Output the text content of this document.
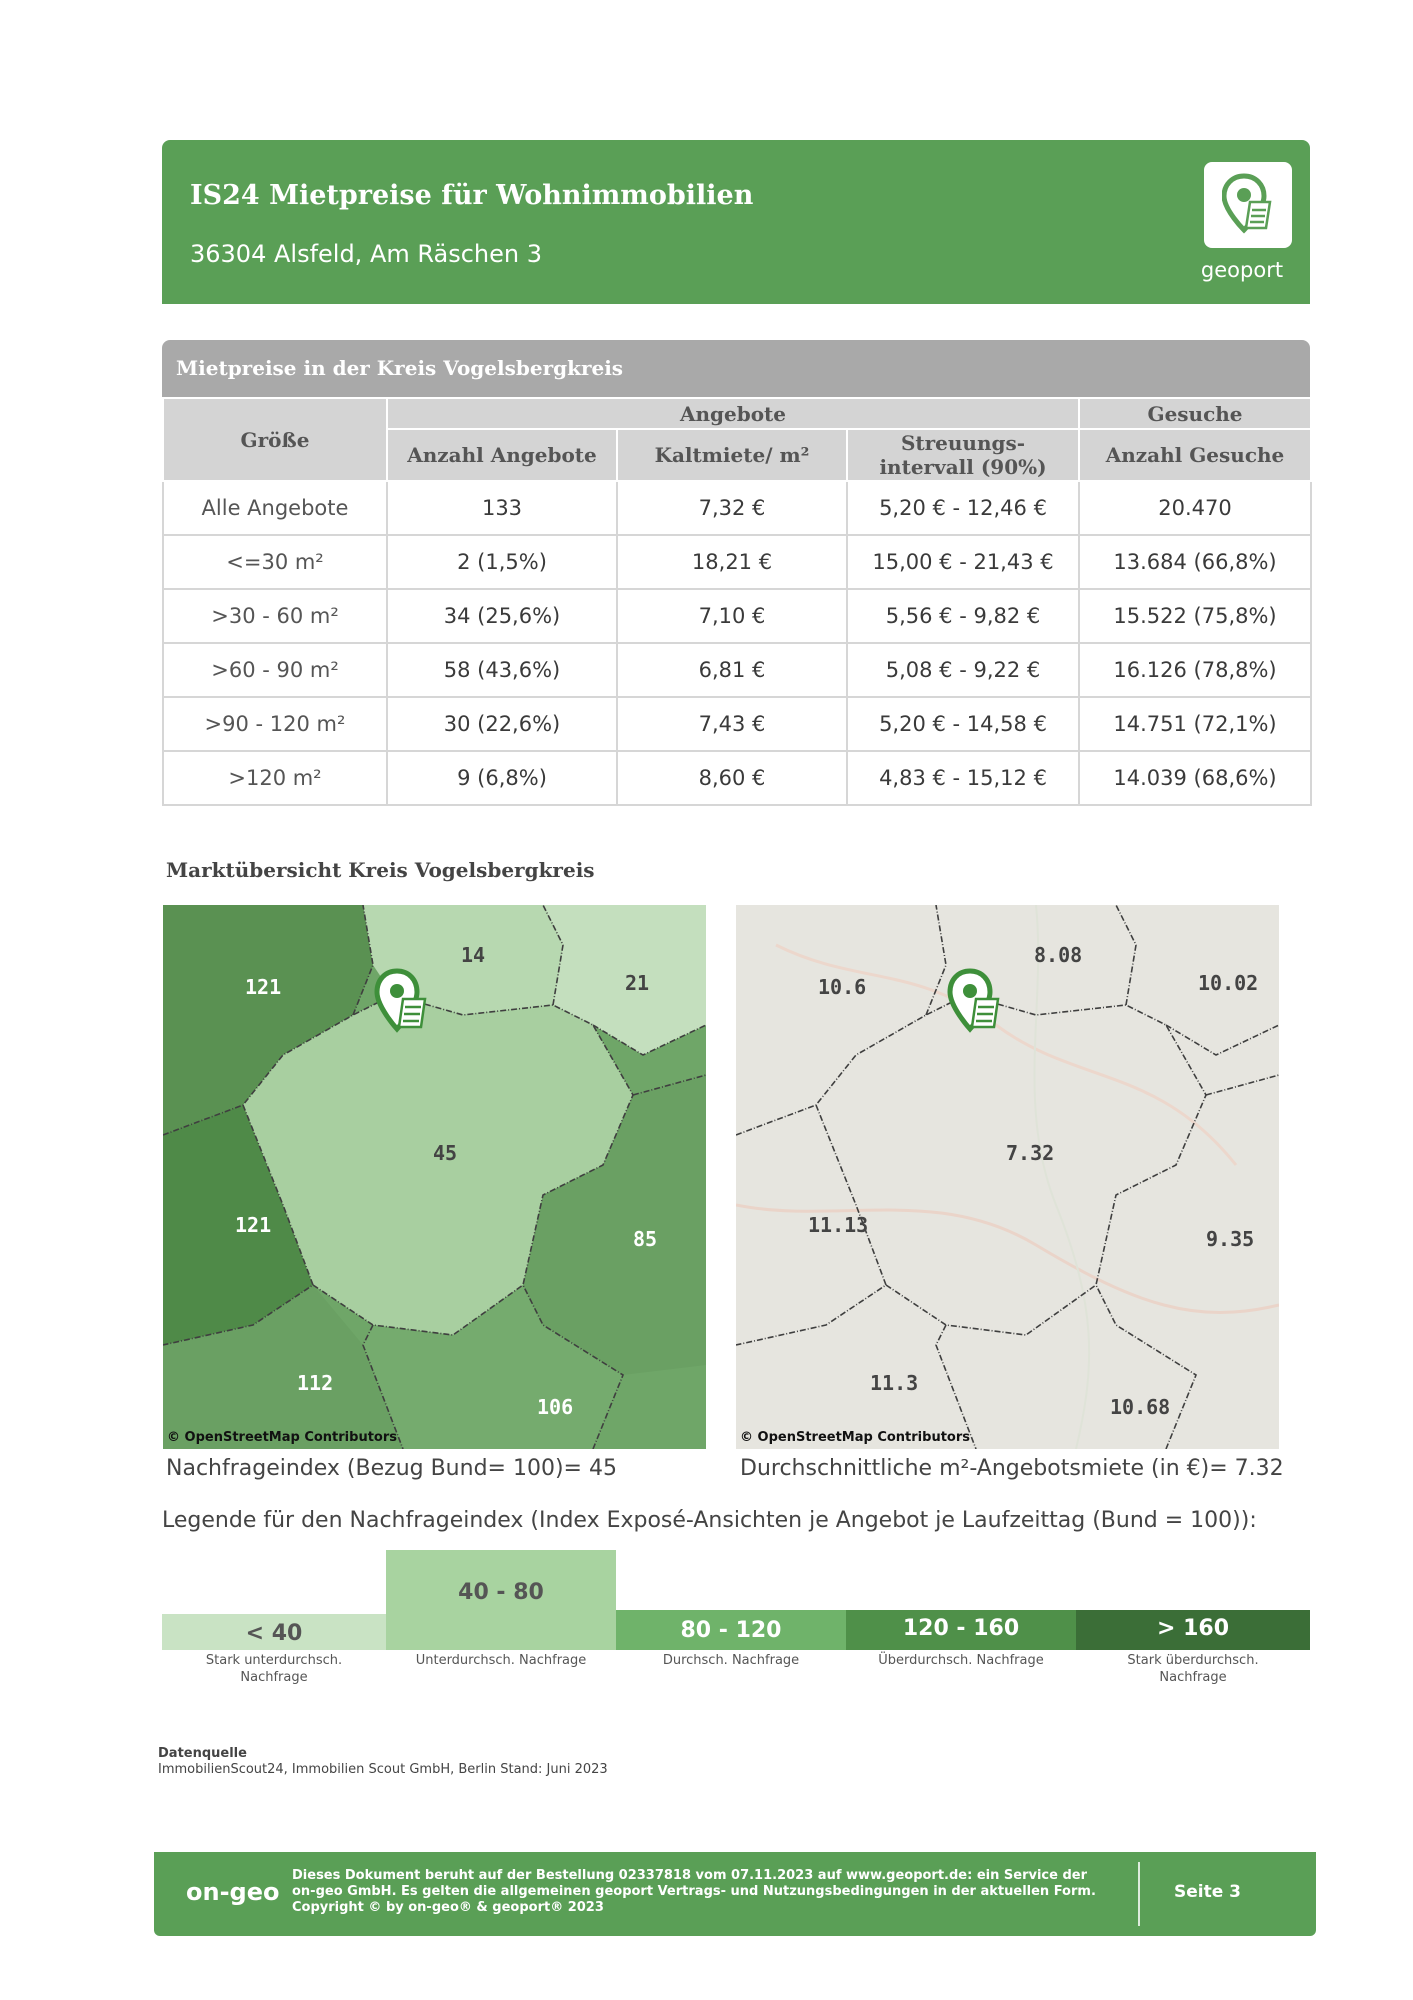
IS24 Mietpreise für Wohnimmobilien
36304 Alsfeld, Am Räschen 3
geoport
Mietpreise in der Kreis Vogelsbergkreis
Größe	Angebote			Gesuche
	Anzahl Angebote	Kaltmiete/ m²	Streuungs-
intervall (90%)	Anzahl Gesuche
Alle Angebote	133	7,32 €	5,20 € - 12,46 €	20.470
<=30 m²	2 (1,5%)	18,21 €	15,00 € - 21,43 €	13.684 (66,8%)
>30 - 60 m²	34 (25,6%)	7,10 €	5,56 € - 9,82 €	15.522 (75,8%)
>60 - 90 m²	58 (43,6%)	6,81 €	5,08 € - 9,22 €	16.126 (78,8%)
>90 - 120 m²	30 (22,6%)	7,43 €	5,20 € - 14,58 €	14.751 (72,1%)
>120 m²	9 (6,8%)	8,60 €	4,83 € - 15,12 €	14.039 (68,6%)
Marktübersicht Kreis Vogelsbergkreis
14
121	21
45
121
85
112
106
© OpenStreetMap Contributors
8.08
10.6	10.02
7.32
11.13
9.35
11.3
10.68
© OpenStreetMap Contributors
Nachfrageindex (Bezug Bund= 100)= 45	Durchschnittliche m²-Angebotsmiete (in €)= 7.32
Legende für den Nachfrageindex (Index Exposé-Ansichten je Angebot je Laufzeittag (Bund = 100)):
< 40
40 - 80
80 - 120	120 - 160	> 160
Stark unterdurchsch.
Nachfrage
Unterdurchsch. Nachfrage	Durchsch. Nachfrage	Überdurchsch. Nachfrage	Stark überdurchsch.
Nachfrage
Datenquelle
ImmobilienScout24, Immobilien Scout GmbH, Berlin Stand: Juni 2023
on-geo
Dieses Dokument beruht auf der Bestellung 02337818 vom 07.11.2023 auf www.geoport.de: ein Service der on-geo GmbH. Es gelten die allgemeinen geoport Vertrags- und Nutzungsbedingungen in der aktuellen Form. Copyright © by on-geo® & geoport® 2023
Seite 3
